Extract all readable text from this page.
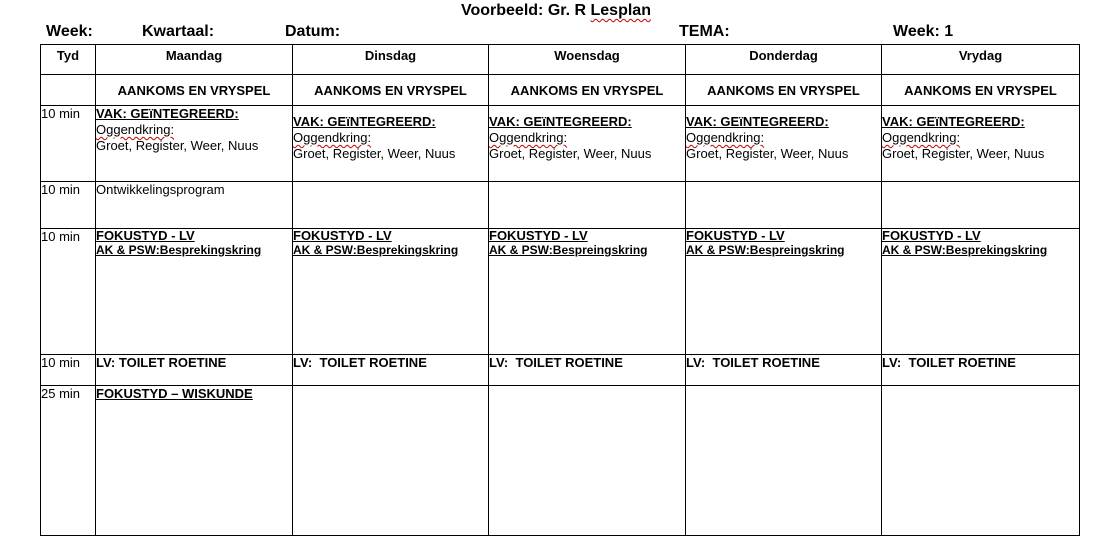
Voorbeeld: Gr. R Lesplan
Week:	Kwartaal:	Datum:	TEMA:	Week: 1
Tyd	Maandag	Dinsdag	Woensdag	Donderdag	Vrydag
	AANKOMS EN VRYSPEL	AANKOMS EN VRYSPEL	AANKOMS EN VRYSPEL	AANKOMS EN VRYSPEL	AANKOMS EN VRYSPEL
10 min	VAK: GEïNTEGREERD:
Oggendkring:
Groet, Register, Weer, Nuus	VAK: GEïNTEGREERD:
Oggendkring:
Groet, Register, Weer, Nuus	VAK: GEïNTEGREERD:
Oggendkring:
Groet, Register, Weer, Nuus	VAK: GEïNTEGREERD:
Oggendkring:
Groet, Register, Weer, Nuus	VAK: GEïNTEGREERD:
Oggendkring:
Groet, Register, Weer, Nuus

10 min	Ontwikkelingsprogram				

10 min	FOKUSTYD - LV
AK & PSW:Besprekingskring	FOKUSTYD - LV
AK & PSW:Besprekingskring	FOKUSTYD - LV
AK & PSW:Bespreingskring	FOKUSTYD - LV
AK & PSW:Bespreingskring	FOKUSTYD - LV
AK & PSW:Besprekingskring

10 min	LV: TOILET ROETINE	LV:  TOILET ROETINE	LV:  TOILET ROETINE	LV:  TOILET ROETINE	LV:  TOILET ROETINE
25 min	FOKUSTYD – WISKUNDE				
